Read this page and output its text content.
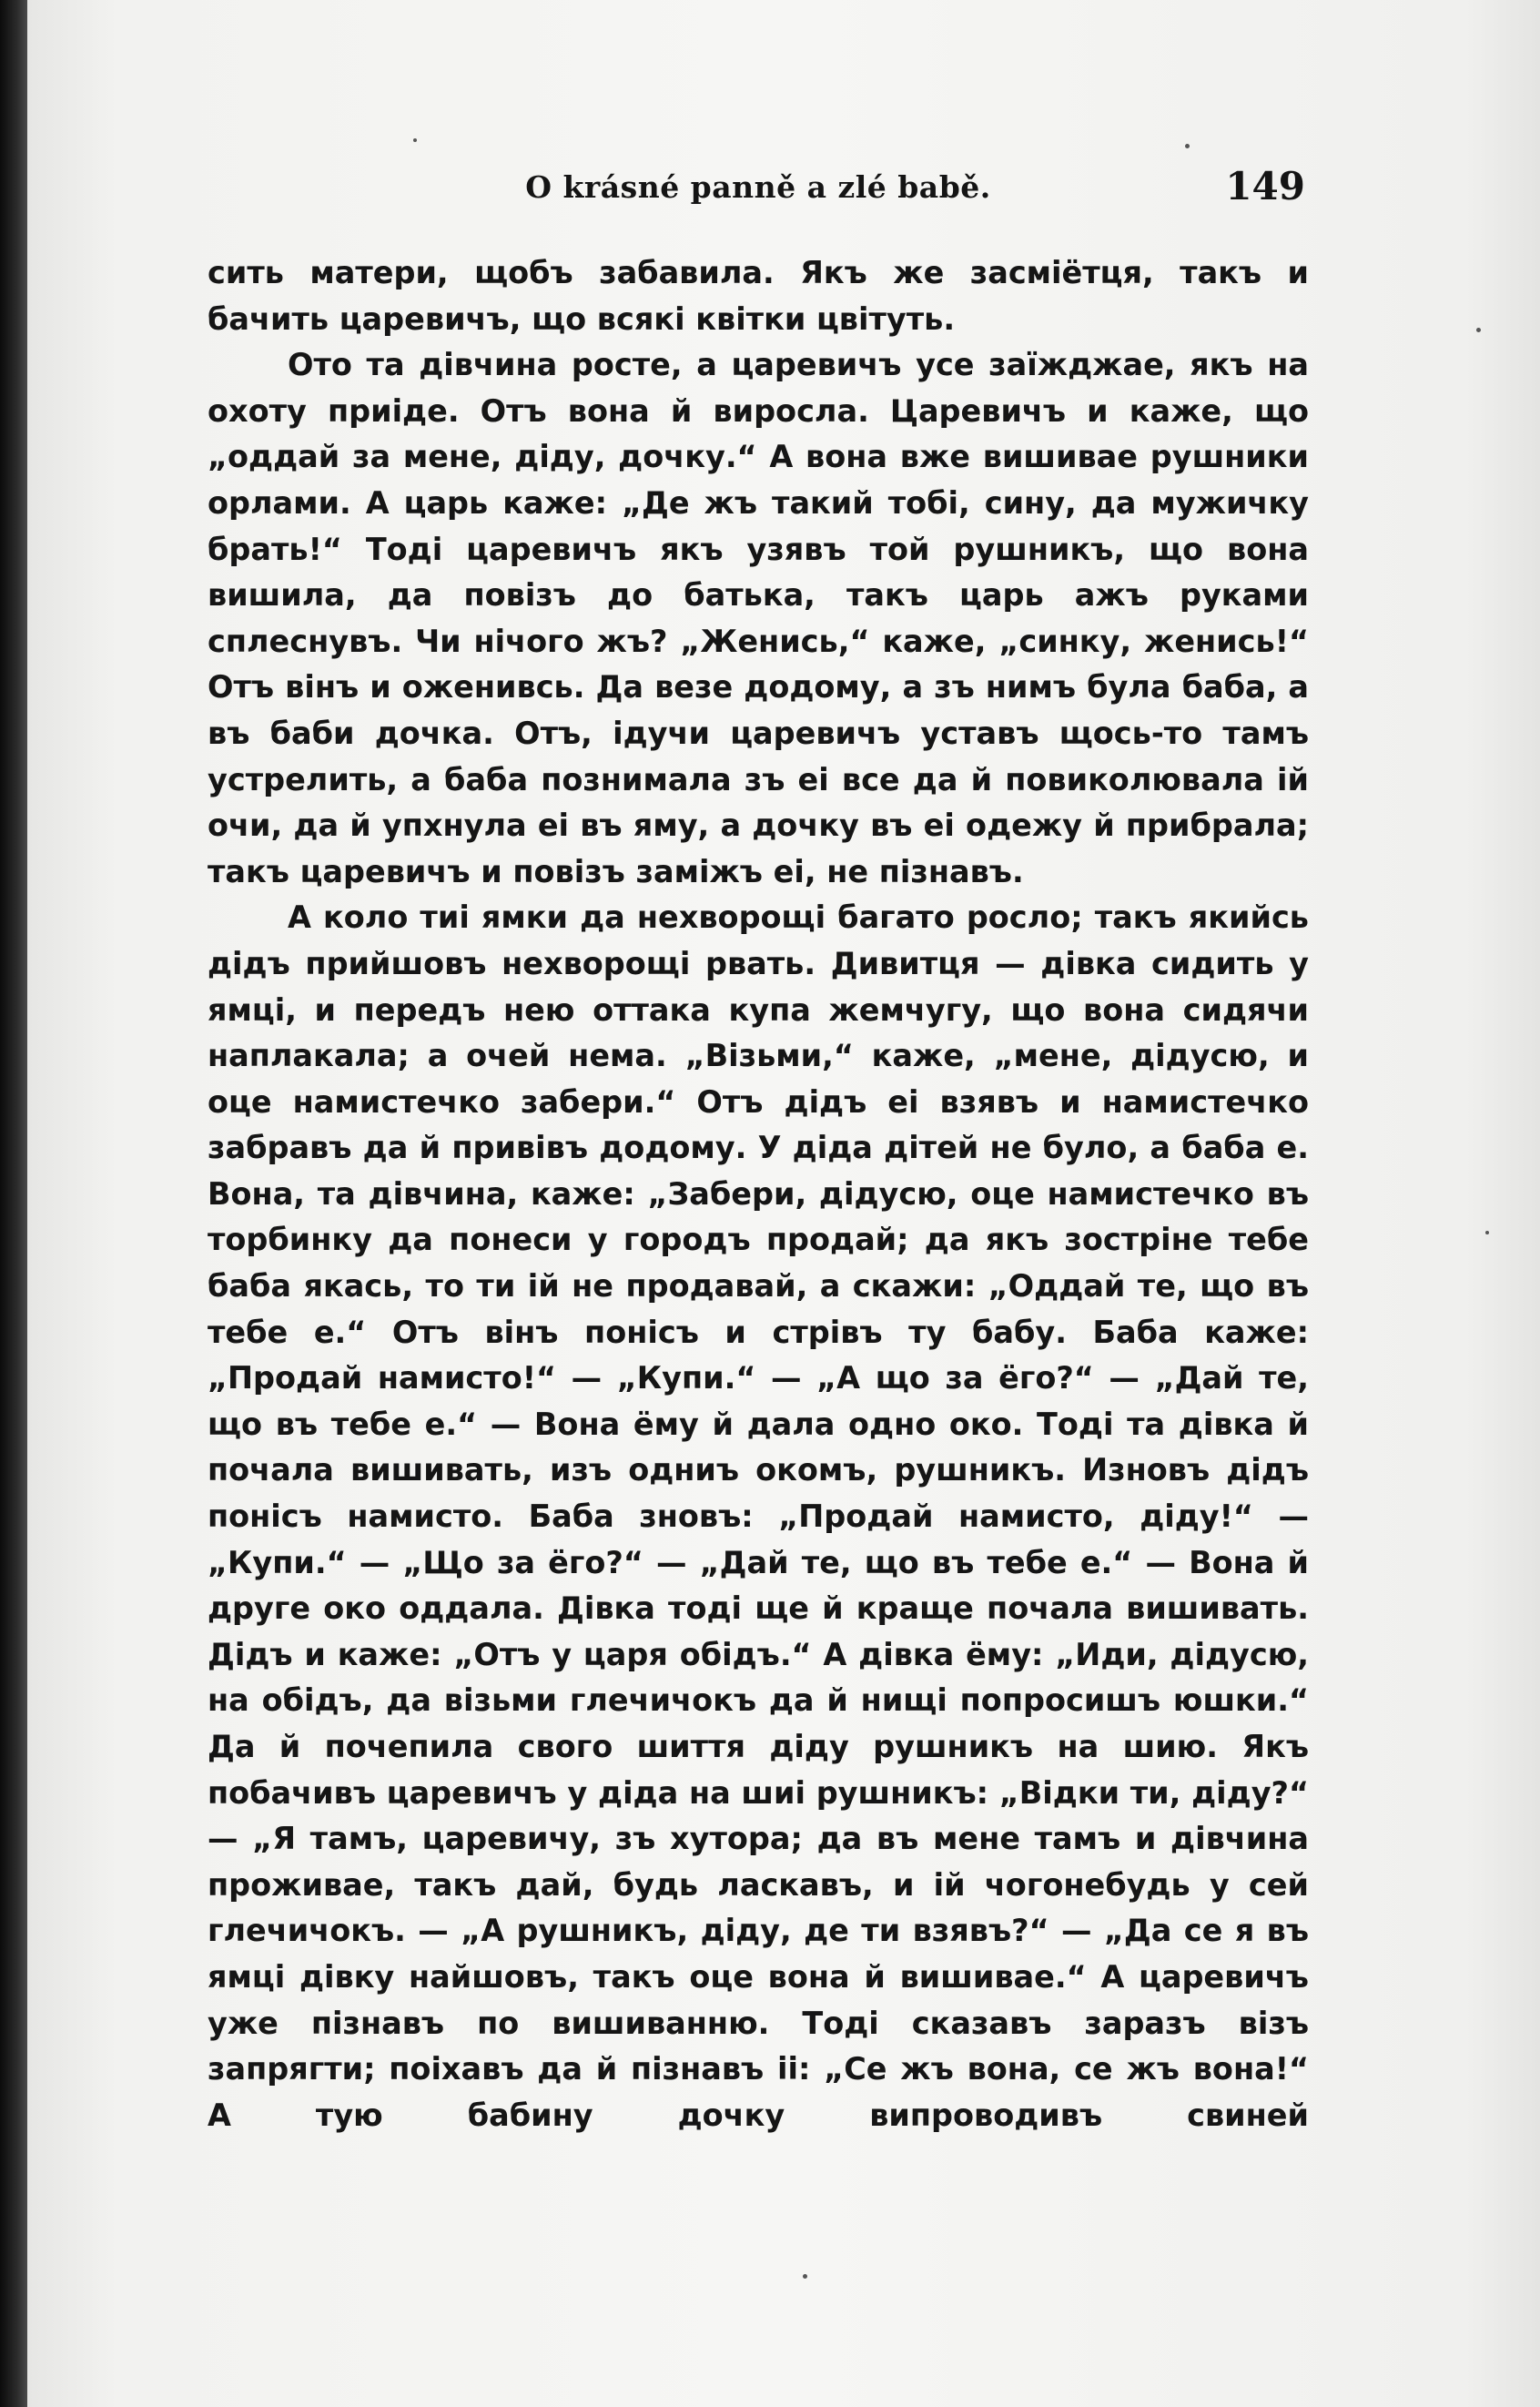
O krásné panně a zlé babě.	149

сить матери, щобъ забавила. Якъ же засміётця, такъ и бачить царевичъ, що всякі квітки цвітуть.

Ото та дівчина росте, а царевичъ усе заїжджае, якъ на охоту приіде. Отъ вона й виросла. Царевичъ и каже, що „оддай за мене, діду, дочку.“ А вона вже вишивае рушники орлами. А царь каже: „Де жъ такий тобі, сину, да мужичку брать!“ Тоді царевичъ якъ узявъ той рушникъ, що вона вишила, да повізъ до батька, такъ царь ажъ руками сплеснувъ. Чи нічого жъ? „Женись,“ каже, „синку, женись!“ Отъ вінъ и оженивсь. Да везе додому, а зъ нимъ була баба, а въ баби дочка. Отъ, ідучи царевичъ уставъ щось-то тамъ устрелить, а баба познимала зъ еі все да й повиколювала ій очи, да й упхнула еі въ яму, а дочку въ еі одежу й прибрала; такъ царевичъ и повізъ заміжъ еі, не пізнавъ.

А коло тиі ямки да нехворощі багато росло; такъ якийсь дідъ прийшовъ нехворощі рвать. Дивитця — дівка сидить у ямці, и передъ нею оттака купа жемчугу, що вона сидячи наплакала; а очей нема. „Візьми,“ каже, „мене, дідусю, и оце намистечко забери.“ Отъ дідъ еі взявъ и намистечко забравъ да й привівъ додому. У діда дітей не було, а баба е. Вона, та дівчина, каже: „Забери, дідусю, оце намистечко въ торбинку да понеси у городъ продай; да якъ зостріне тебе баба якась, то ти ій не продавай, а скажи: „Оддай те, що въ тебе е.“ Отъ вінъ понісъ и стрівъ ту бабу. Баба каже: „Продай намисто!“ — „Купи.“ — „А що за ёго?“ — „Дай те, що въ тебе е.“ — Вона ёму й дала одно око. Тоді та дівка й почала вишивать, изъ одниъ окомъ, рушникъ. Изновъ дідъ понісъ намисто. Баба зновъ: „Продай намисто, діду!“ — „Купи.“ — „Що за ёго?“ — „Дай те, що въ тебе е.“ — Вона й друге око оддала. Дівка тоді ще й краще почала вишивать. Дідъ и каже: „Отъ у царя обідъ.“ А дівка ёму: „Иди, дідусю, на обідъ, да візьми глечичокъ да й нищі попросишъ юшки.“ Да й почепила свого шиття діду рушникъ на шию. Якъ побачивъ царевичъ у діда на шиі рушникъ: „Відки ти, діду?“ — „Я тамъ, царевичу, зъ хутора; да въ мене тамъ и дівчина проживае, такъ дай, будь ласкавъ, и ій чогонебудь у сей глечичокъ. — „А рушникъ, діду, де ти взявъ?“ — „Да се я въ ямці дівку найшовъ, такъ оце вона й вишивае.“ А царевичъ уже пізнавъ по вишиванню. Тоді сказавъ заразъ візъ запрягти; поіхавъ да й пізнавъ ii: „Се жъ вона, се жъ вона!“ А тую бабину дочку випроводивъ свиней
